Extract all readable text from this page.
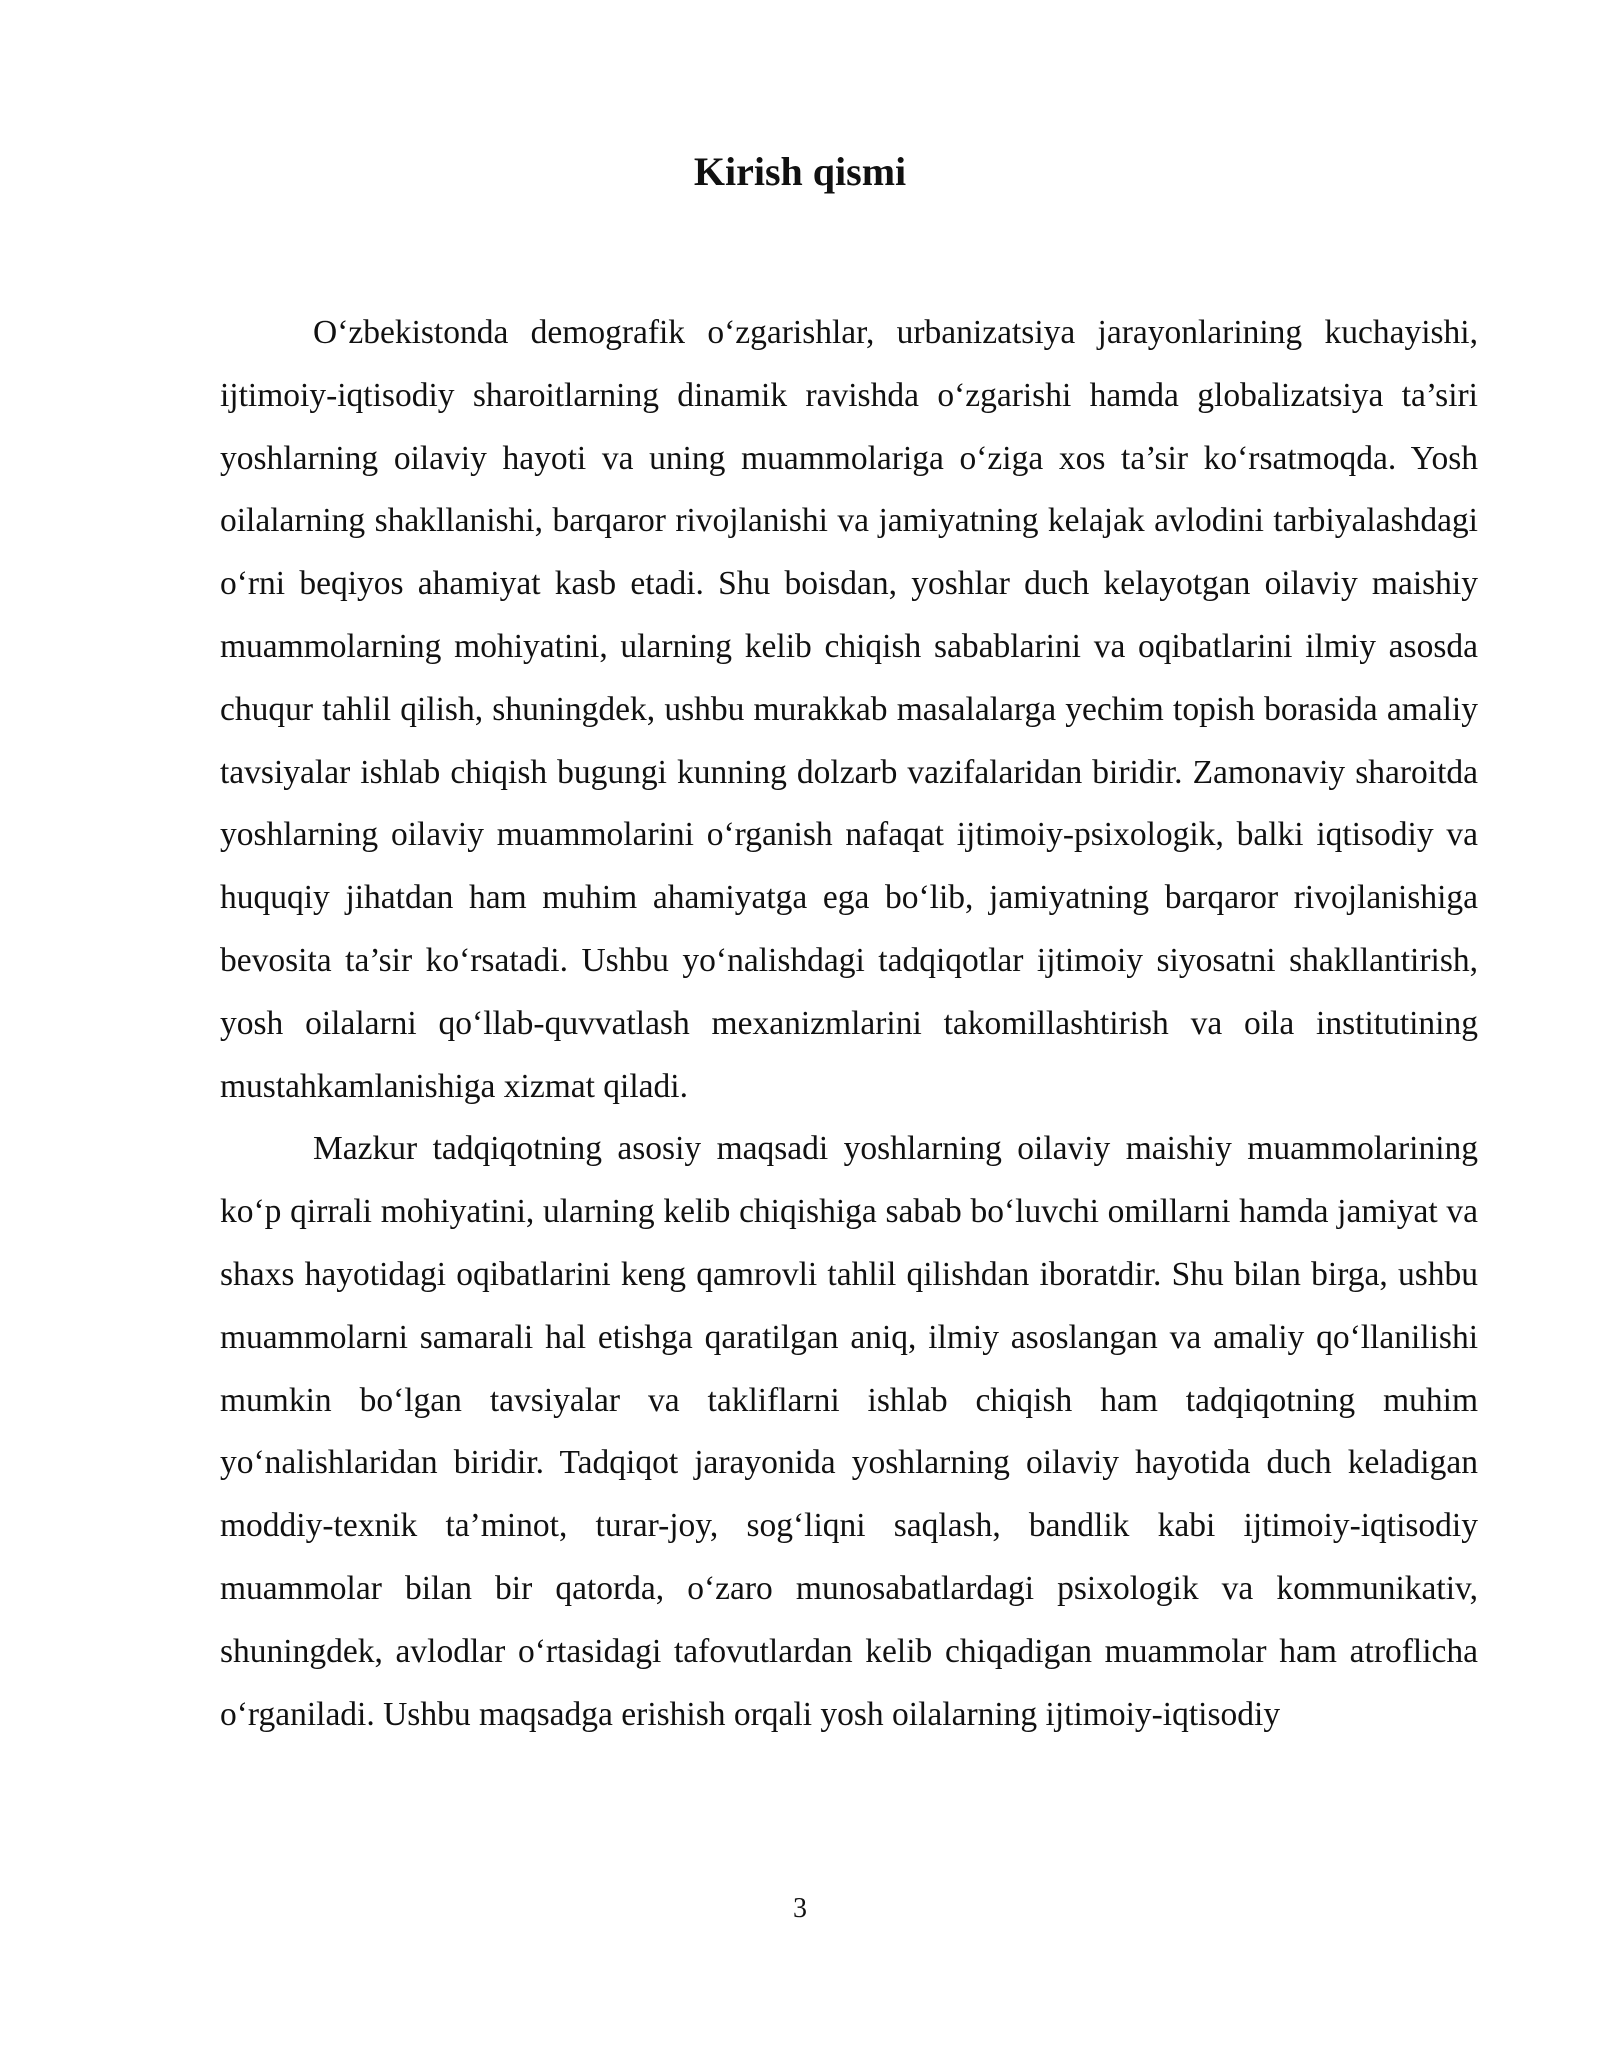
Kirish qismi

O‘zbekistonda demografik o‘zgarishlar, urbanizatsiya jarayonlarining kuchayishi, ijtimoiy-iqtisodiy sharoitlarning dinamik ravishda o‘zgarishi hamda globalizatsiya ta’siri yoshlarning oilaviy hayoti va uning muammolariga o‘ziga xos ta’sir ko‘rsatmoqda. Yosh oilalarning shakllanishi, barqaror rivojlanishi va jamiyatning kelajak avlodini tarbiyalashdagi o‘rni beqiyos ahamiyat kasb etadi. Shu boisdan, yoshlar duch kelayotgan oilaviy maishiy muammolarning mohiyatini, ularning kelib chiqish sabablarini va oqibatlarini ilmiy asosda chuqur tahlil qilish, shuningdek, ushbu murakkab masalalarga yechim topish borasida amaliy tavsiyalar ishlab chiqish bugungi kunning dolzarb vazifalaridan biridir. Zamonaviy sharoitda yoshlarning oilaviy muammolarini o‘rganish nafaqat ijtimoiy-psixologik, balki iqtisodiy va huquqiy jihatdan ham muhim ahamiyatga ega bo‘lib, jamiyatning barqaror rivojlanishiga bevosita ta’sir ko‘rsatadi. Ushbu yo‘nalishdagi tadqiqotlar ijtimoiy siyosatni shakllantirish, yosh oilalarni qo‘llab-quvvatlash mexanizmlarini takomillashtirish va oila institutining mustahkamlanishiga xizmat qiladi.

Mazkur tadqiqotning asosiy maqsadi yoshlarning oilaviy maishiy muammolarining ko‘p qirrali mohiyatini, ularning kelib chiqishiga sabab bo‘luvchi omillarni hamda jamiyat va shaxs hayotidagi oqibatlarini keng qamrovli tahlil qilishdan iboratdir. Shu bilan birga, ushbu muammolarni samarali hal etishga qaratilgan aniq, ilmiy asoslangan va amaliy qo‘llanilishi mumkin bo‘lgan tavsiyalar va takliflarni ishlab chiqish ham tadqiqotning muhim yo‘nalishlaridan biridir. Tadqiqot jarayonida yoshlarning oilaviy hayotida duch keladigan moddiy-texnik ta’minot, turar-joy, sog‘liqni saqlash, bandlik kabi ijtimoiy-iqtisodiy muammolar bilan bir qatorda, o‘zaro munosabatlardagi psixologik va kommunikativ, shuningdek, avlodlar o‘rtasidagi tafovutlardan kelib chiqadigan muammolar ham atroflicha o‘rganiladi. Ushbu maqsadga erishish orqali yosh oilalarning ijtimoiy-iqtisodiy

3
